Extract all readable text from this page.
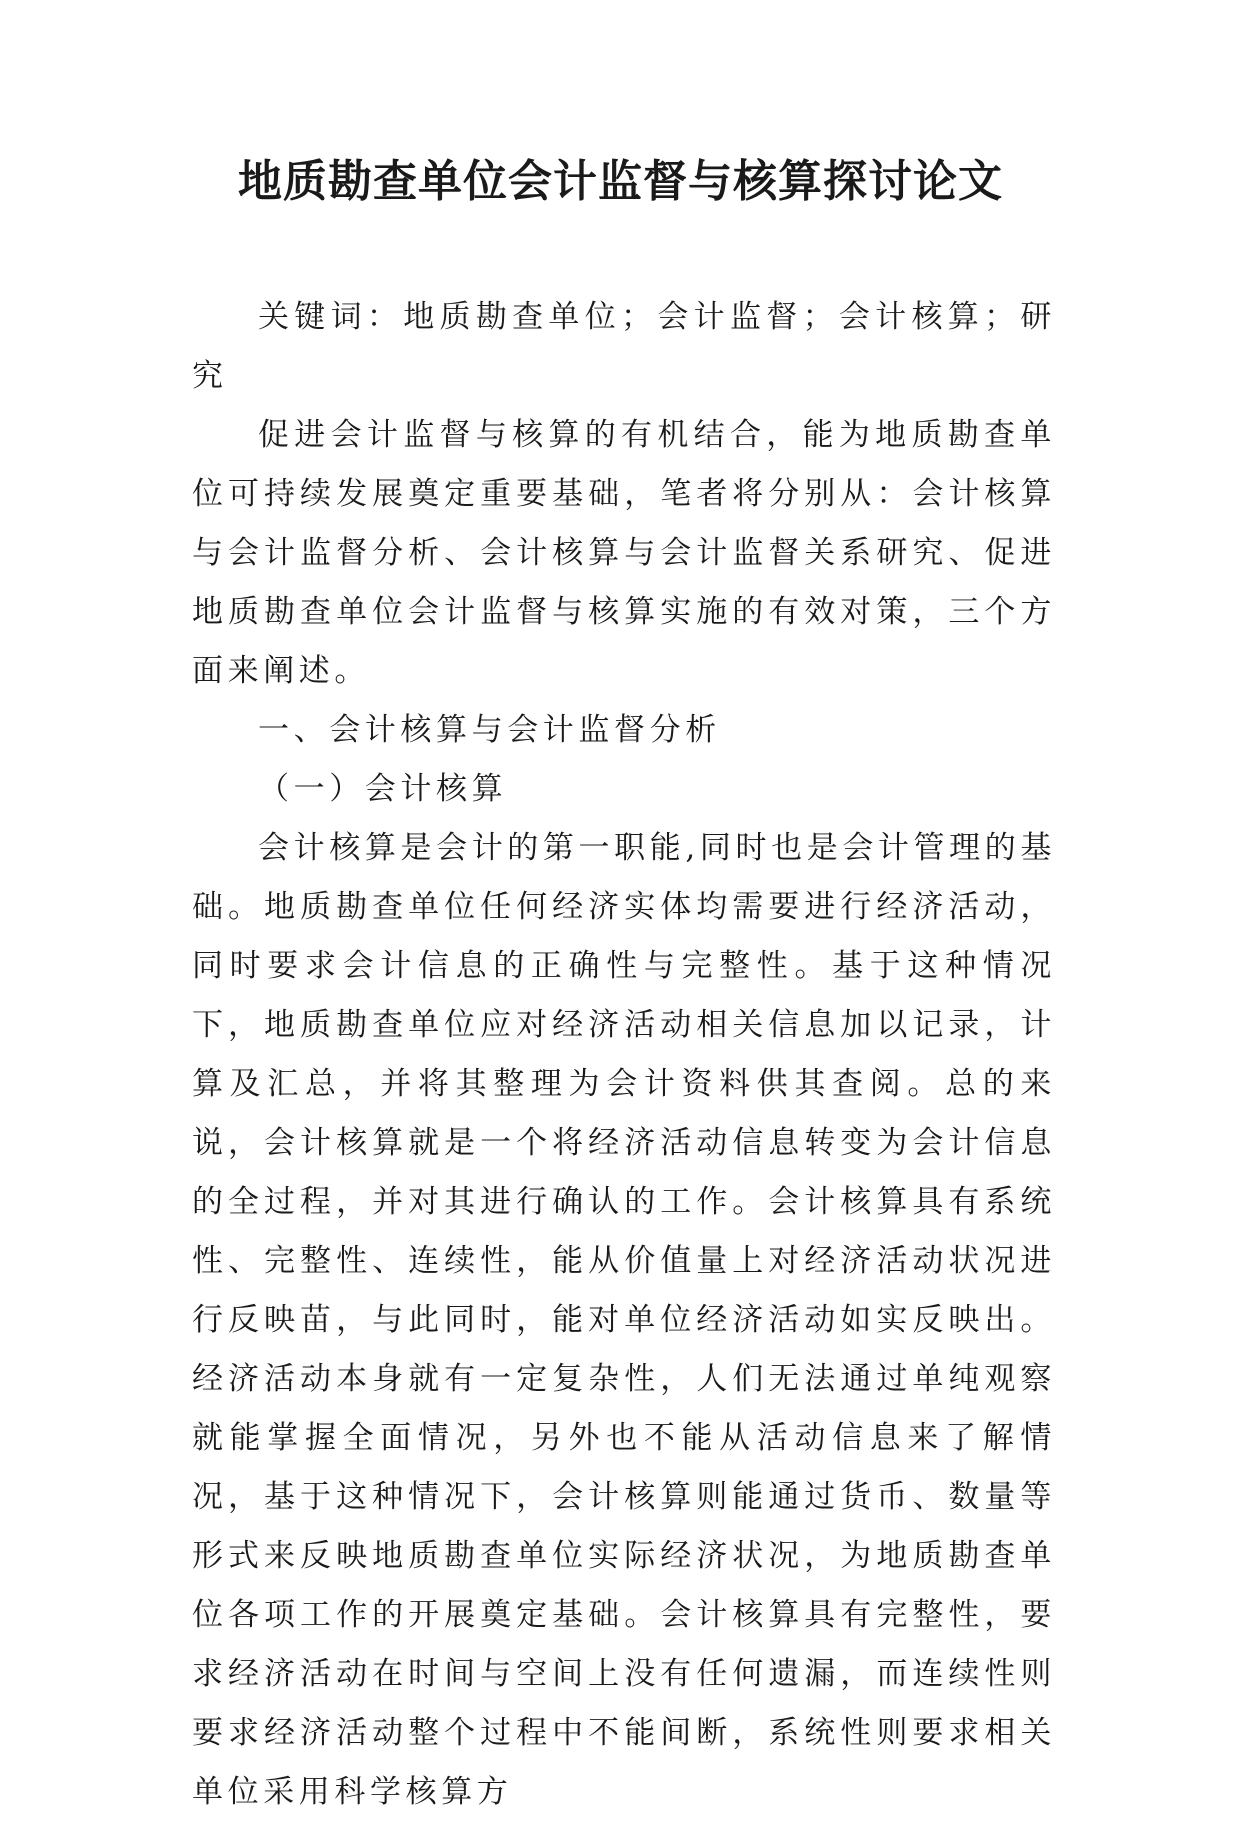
地质勘查单位会计监督与核算探讨论文

关键词：地质勘查单位；会计监督；会计核算；研究

促进会计监督与核算的有机结合，能为地质勘查单位可持续发展奠定重要基础，笔者将分别从：会计核算与会计监督分析、会计核算与会计监督关系研究、促进地质勘查单位会计监督与核算实施的有效对策，三个方面来阐述。

一、会计核算与会计监督分析

（一）会计核算

会计核算是会计的第一职能,同时也是会计管理的基础。地质勘查单位任何经济实体均需要进行经济活动，同时要求会计信息的正确性与完整性。基于这种情况下，地质勘查单位应对经济活动相关信息加以记录，计算及汇总，并将其整理为会计资料供其查阅。总的来说，会计核算就是一个将经济活动信息转变为会计信息的全过程，并对其进行确认的工作。会计核算具有系统性、完整性、连续性，能从价值量上对经济活动状况进行反映苗，与此同时，能对单位经济活动如实反映出。经济活动本身就有一定复杂性，人们无法通过单纯观察就能掌握全面情况，另外也不能从活动信息来了解情况，基于这种情况下，会计核算则能通过货币、数量等形式来反映地质勘查单位实际经济状况，为地质勘查单位各项工作的开展奠定基础。会计核算具有完整性，要求经济活动在时间与空间上没有任何遗漏，而连续性则要求经济活动整个过程中不能间断，系统性则要求相关单位采用科学核算方
